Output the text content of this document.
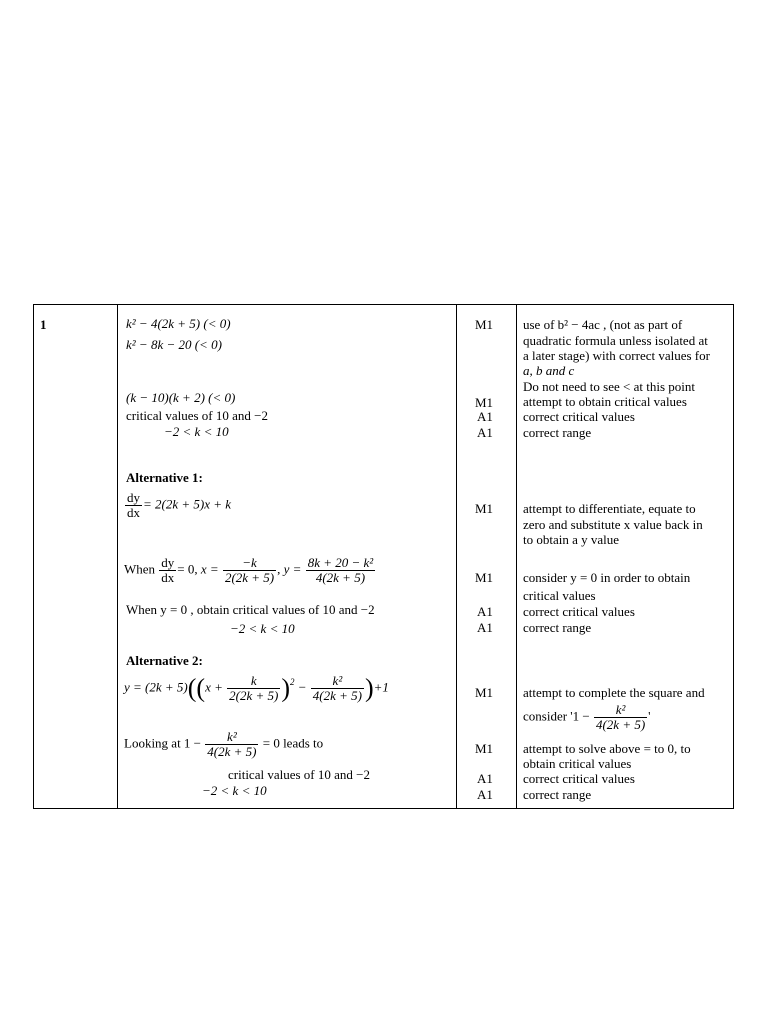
1	k² − 4(2k + 5) (< 0)
k² − 8k − 20 (< 0)
(k − 10)(k + 2) (< 0)
critical values of 10 and −2
−2 < k < 10
Alternative 1:
$\frac{dy}{dx} = 2(2k + 5)x + k$
When $\frac{dy}{dx} = 0$, $x = \frac{-k}{2(2k + 5)}$ , $y = \frac{\text{8k + 20 − k²}}{4(2k + 5)}$
When y = 0 , obtain critical values of 10 and −2
−2 < k < 10
Alternative 2:
$y = (2k + 5)((x + \frac{k}{2(2k + 5)} )^2 - \frac{\text{k²}}{4(2k + 5)} )+1$
Looking at $1 - \frac{\text{k²}}{4(2k + 5)} = 0$ leads to
critical values of 10 and −2
−2 < k < 10
M1
M1
A1
A1
M1
M1
A1
A1
M1
M1
A1
A1
use of b² − 4ac , (not as part of
quadratic formula unless isolated at
a later stage) with correct values for
a, b and c
Do not need to see < at this point
attempt to obtain critical values
correct critical values
correct range
attempt to differentiate, equate to
zero and substitute x value back in
to obtain a y value
consider y = 0 in order to obtain
critical values
correct critical values
correct range
attempt to complete the square and
consider '$1 - \frac{\text{k²}}{4(2k + 5)}$ '
attempt to solve above = to 0, to
obtain critical values
correct critical values
correct range
